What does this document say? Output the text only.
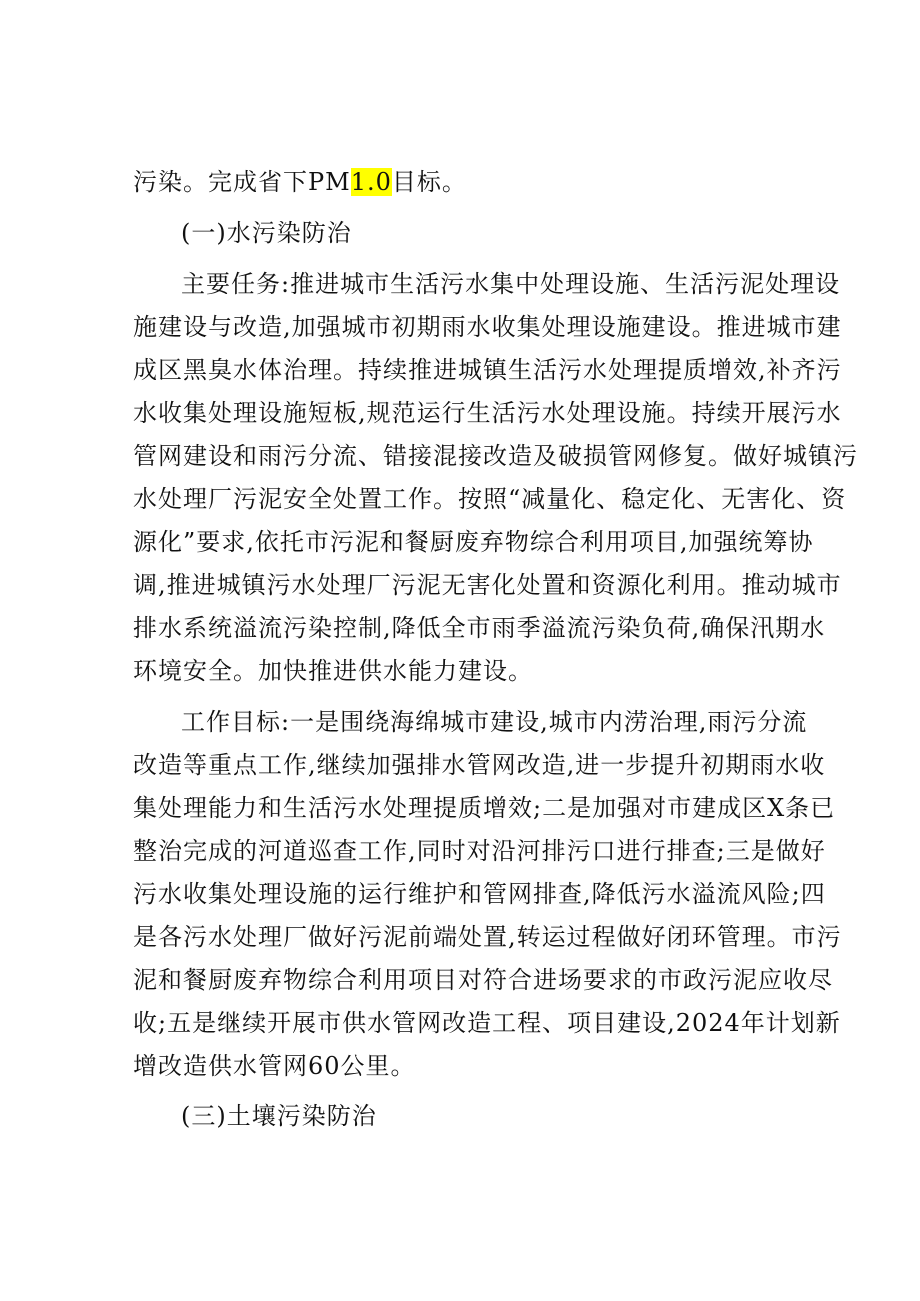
污染。完成省下PM1.0目标。
(一)水污染防治
主要任务:推进城市生活污水集中处理设施、生活污泥处理设
施建设与改造,加强城市初期雨水收集处理设施建设。推进城市建
成区黑臭水体治理。持续推进城镇生活污水处理提质增效,补齐污
水收集处理设施短板,规范运行生活污水处理设施。持续开展污水
管网建设和雨污分流、错接混接改造及破损管网修复。做好城镇污
水处理厂污泥安全处置工作。按照“减量化、稳定化、无害化、资
源化”要求,依托市污泥和餐厨废弃物综合利用项目,加强统筹协
调,推进城镇污水处理厂污泥无害化处置和资源化利用。推动城市
排水系统溢流污染控制,降低全市雨季溢流污染负荷,确保汛期水
环境安全。加快推进供水能力建设。
工作目标:一是围绕海绵城市建设,城市内涝治理,雨污分流
改造等重点工作,继续加强排水管网改造,进一步提升初期雨水收
集处理能力和生活污水处理提质增效;二是加强对市建成区X条已
整治完成的河道巡查工作,同时对沿河排污口进行排查;三是做好
污水收集处理设施的运行维护和管网排查,降低污水溢流风险;四
是各污水处理厂做好污泥前端处置,转运过程做好闭环管理。市污
泥和餐厨废弃物综合利用项目对符合进场要求的市政污泥应收尽
收;五是继续开展市供水管网改造工程、项目建设,2024年计划新
增改造供水管网60公里。
(三)土壤污染防治
